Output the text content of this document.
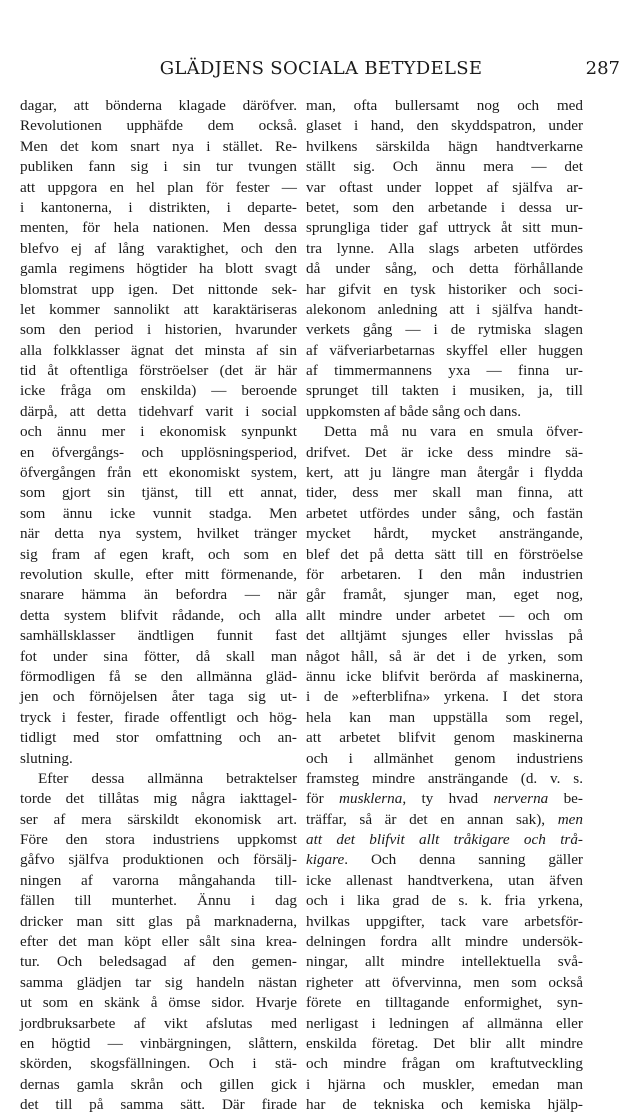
GLÄDJENS SOCIALA BETYDELSE	287
dagar, att bönderna klagade däröfver.
Revolutionen upphäfde dem också.
Men det kom snart nya i stället. Re-
publiken fann sig i sin tur tvungen
att uppgora en hel plan för fester —
i kantonerna, i distrikten, i departe-
menten, för hela nationen. Men dessa
blefvo ej af lång varaktighet, och den
gamla regimens högtider ha blott svagt
blomstrat upp igen. Det nittonde sek-
let kommer sannolikt att karaktäriseras
som den period i historien, hvarunder
alla folkklasser ägnat det minsta af sin
tid åt oftentliga förströelser (det är här
icke fråga om enskilda) — beroende
därpå, att detta tidehvarf varit i social
och ännu mer i ekonomisk synpunkt
en öfvergångs- och upplösningsperiod,
öfvergången från ett ekonomiskt system,
som gjort sin tjänst, till ett annat,
som ännu icke vunnit stadga. Men
när detta nya system, hvilket tränger
sig fram af egen kraft, och som en
revolution skulle, efter mitt förmenande,
snarare hämma än befordra — när
detta system blifvit rådande, och alla
samhällsklasser ändtligen funnit fast
fot under sina fötter, då skall man
förmodligen få se den allmänna gläd-
jen och förnöjelsen åter taga sig ut-
tryck i fester, firade offentligt och hög-
tidligt med stor omfattning och an-
slutning.
Efter dessa allmänna betraktelser
torde det tillåtas mig några iakttagel-
ser af mera särskildt ekonomisk art.
Före den stora industriens uppkomst
gåfvo själfva produktionen och försälj-
ningen af varorna mångahanda till-
fällen till munterhet. Ännu i dag
dricker man sitt glas på marknaderna,
efter det man köpt eller sålt sina krea-
tur. Och beledsagad af den gemen-
samma glädjen tar sig handeln nästan
ut som en skänk å ömse sidor. Hvarje
jordbruksarbete af vikt afslutas med
en högtid — vinbärgningen, slåttern,
skörden, skogsfällningen. Och i stä-
dernas gamla skrån och gillen gick
det till på samma sätt. Där firade
man, ofta bullersamt nog och med
glaset i hand, den skyddspatron, under
hvilkens särskilda hägn handtverkarne
ställt sig. Och ännu mera — det
var oftast under loppet af själfva ar-
betet, som den arbetande i dessa ur-
sprungliga tider gaf uttryck åt sitt mun-
tra lynne. Alla slags arbeten utfördes
då under sång, och detta förhållande
har gifvit en tysk historiker och soci-
alekonom anledning att i själfva handt-
verkets gång — i de rytmiska slagen
af väfveriarbetarnas skyffel eller huggen
af timmermannens yxa — finna ur-
sprunget till takten i musiken, ja, till
uppkomsten af både sång och dans.
Detta må nu vara en smula öfver-
drifvet. Det är icke dess mindre sä-
kert, att ju längre man återgår i flydda
tider, dess mer skall man finna, att
arbetet utfördes under sång, och fastän
mycket hårdt, mycket ansträngande,
blef det på detta sätt till en förströelse
för arbetaren. I den mån industrien
går framåt, sjunger man, eget nog,
allt mindre under arbetet — och om
det alltjämt sjunges eller hvisslas på
något håll, så är det i de yrken, som
ännu icke blifvit berörda af maskinerna,
i de »efterblifna» yrkena. I det stora
hela kan man uppställa som regel,
att arbetet blifvit genom maskinerna
och i allmänhet genom industriens
framsteg mindre ansträngande (d. v. s.
för musklerna, ty hvad nerverna be-
träffar, så är det en annan sak), men
att det blifvit allt tråkigare och trå-
kigare. Och denna sanning gäller
icke allenast handtverkena, utan äfven
och i lika grad de s. k. fria yrkena,
hvilkas uppgifter, tack vare arbetsför-
delningen fordra allt mindre undersök-
ningar, allt mindre intellektuella svå-
righeter att öfvervinna, men som också
förete en tilltagande enformighet, syn-
nerligast i ledningen af allmänna eller
enskilda företag. Det blir allt mindre
och mindre frågan om kraftutveckling
i hjärna och muskler, emedan man
har de tekniska och kemiska hjälp-
